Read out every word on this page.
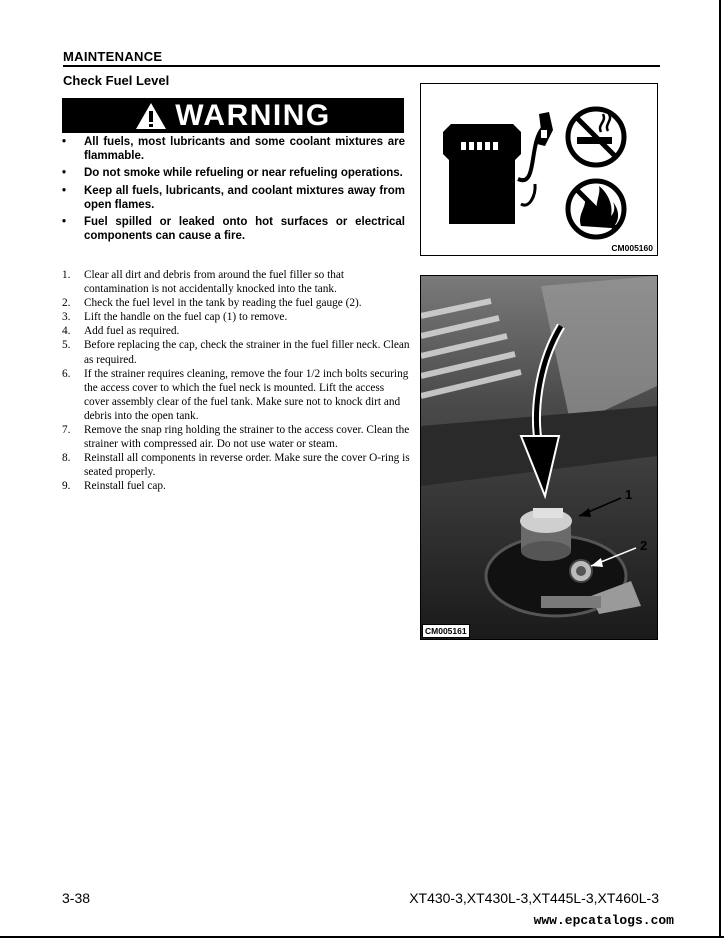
MAINTENANCE
Check Fuel Level
WARNING
• All fuels, most lubricants and some coolant mixtures are flammable.
• Do not smoke while refueling or near refueling operations.
• Keep all fuels, lubricants, and coolant mixtures away from open flames.
• Fuel spilled or leaked onto hot surfaces or electrical components can cause a fire.
1. Clear all dirt and debris from around the fuel filler so that contamination is not accidentally knocked into the tank.
2. Check the fuel level in the tank by reading the fuel gauge (2).
3. Lift the handle on the fuel cap (1) to remove.
4. Add fuel as required.
5. Before replacing the cap, check the strainer in the fuel filler neck. Clean as required.
6. If the strainer requires cleaning, remove the four 1/2 inch bolts securing the access cover to which the fuel neck is mounted. Lift the access cover assembly clear of the fuel tank. Make sure not to knock dirt and debris into the open tank.
7. Remove the snap ring holding the strainer to the access cover. Clean the strainer with compressed air. Do not use water or steam.
8. Reinstall all components in reverse order. Make sure the cover O-ring is seated properly.
9. Reinstall fuel cap.
CM005160
1
2
CM005161
3-38	XT430-3,XT430L-3,XT445L-3,XT460L-3
www.epcatalogs.com
